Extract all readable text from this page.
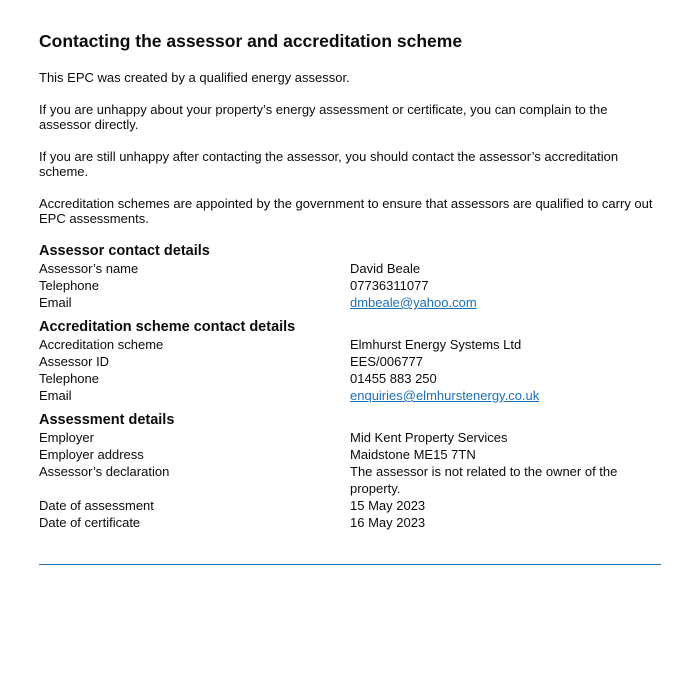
Contacting the assessor and accreditation scheme

This EPC was created by a qualified energy assessor.

If you are unhappy about your property’s energy assessment or certificate, you can complain to the assessor directly.

If you are still unhappy after contacting the assessor, you should contact the assessor’s accreditation scheme.

Accreditation schemes are appointed by the government to ensure that assessors are qualified to carry out EPC assessments.

Assessor contact details
Assessor’s name	David Beale
Telephone	07736311077
Email	dmbeale@yahoo.com
Accreditation scheme contact details
Accreditation scheme	Elmhurst Energy Systems Ltd
Assessor ID	EES/006777
Telephone	01455 883 250
Email	enquiries@elmhurstenergy.co.uk
Assessment details
Employer	Mid Kent Property Services
Employer address	Maidstone ME15 7TN
Assessor’s declaration	The assessor is not related to the owner of the property.
Date of assessment	15 May 2023
Date of certificate	16 May 2023
